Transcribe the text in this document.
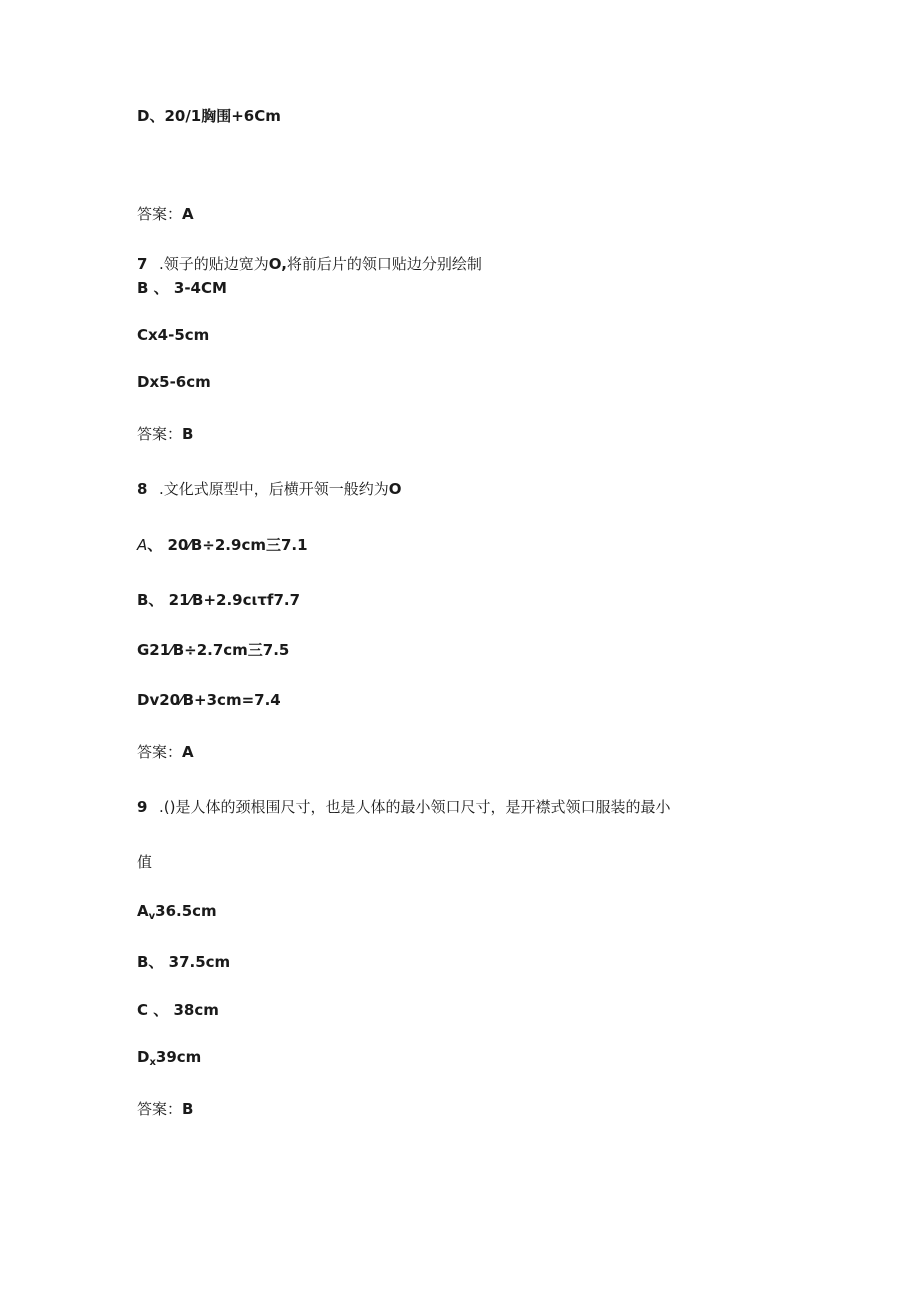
D、20/1胸围+6Cm
答案：A
7 .领子的贴边宽为O,将前后片的领口贴边分别绘制
B 、 3-4CM
Cx4-5cm
Dx5-6cm
答案：B
8 .文化式原型中，后横开领一般约为O
A、 20⁄B÷2.9cm三7.1
B、 21⁄B+2.9cιτf7.7
G21⁄B÷2.7cm三7.5
Dv20⁄B+3cm=7.4
答案：A
9 .()是人体的颈根围尺寸，也是人体的最小领口尺寸，是开襟式领口服装的最小
值
$A_v36.5cm$
B、 37.5cm
C 、 38cm
$D_x39cm$
答案：B
